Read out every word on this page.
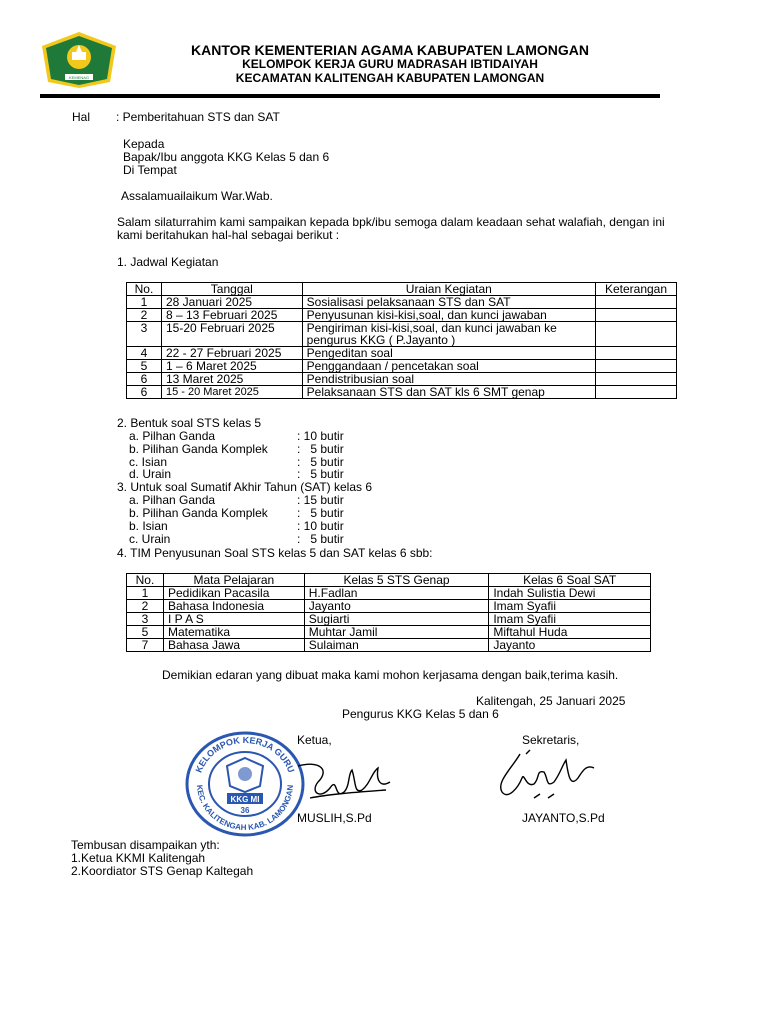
KEMENAG
KANTOR KEMENTERIAN AGAMA KABUPATEN LAMONGAN
KELOMPOK KERJA GURU MADRASAH IBTIDAIYAH
KECAMATAN KALITENGAH KABUPATEN LAMONGAN
Hal : Pemberitahuan STS dan SAT
Kepada
Bapak/Ibu anggota KKG Kelas 5 dan 6
Di Tempat
Assalamuailaikum War.Wab.
Salam silaturrahim kami sampaikan kepada bpk/ibu semoga dalam keadaan sehat walafiah, dengan ini
kami beritahukan hal-hal sebagai berikut :
1. Jadwal Kegiatan
No.	Tanggal	Uraian Kegiatan	Keterangan
1	28 Januari 2025	Sosialisasi pelaksanaan STS dan SAT	
2	8 – 13 Februari 2025	Penyusunan kisi-kisi,soal, dan kunci jawaban	
3	15-20 Februari 2025	Pengiriman kisi-kisi,soal, dan kunci jawaban ke
pengurus KKG ( P.Jayanto )	

4	22 - 27 Februari 2025	Pengeditan soal	
5	1 – 6 Maret 2025	Penggandaan / pencetakan soal	
6	13 Maret 2025	Pendistribusian soal	
6	15 - 20 Maret 2025	Pelaksanaan STS dan SAT kls 6 SMT genap	
2. Bentuk soal STS kelas 5
a. Pilhan Ganda	: 10 butir
b. Pilihan Ganda Komplek :   5 butir
c. Isian	:   5 butir
d. Urain	:   5 butir
3. Untuk soal Sumatif Akhir Tahun (SAT) kelas 6
a. Pilhan Ganda	: 15 butir
b. Pilihan Ganda Komplek :   5 butir
b. Isian	: 10 butir
c. Urain	:   5 butir
4. TIM Penyusunan Soal STS kelas 5 dan SAT kelas 6 sbb:
No.	Mata Pelajaran	Kelas 5 STS Genap	Kelas 6 Soal SAT
1	Pedidikan Pacasila	H.Fadlan	Indah Sulistia Dewi
2	Bahasa Indonesia	Jayanto	Imam Syafii
3	I P A S	Sugiarti	Imam Syafii
5	Matematika	Muhtar Jamil	Miftahul Huda
7	Bahasa Jawa	Sulaiman	Jayanto
Demikian edaran yang dibuat maka kami mohon kerjasama dengan baik,terima kasih.
Kalitengah, 25 Januari 2025
Pengurus KKG Kelas 5 dan 6
Ketua,	Sekretaris,
KELOMPOK KERJA GURU
KEC. KALITENGAH KAB. LAMONGAN
KKG MI
36
MUSLIH,S.Pd	JAYANTO,S.Pd
Tembusan disampaikan yth:
1.Ketua KKMI Kalitengah
2.Koordiator STS Genap Kaltegah
